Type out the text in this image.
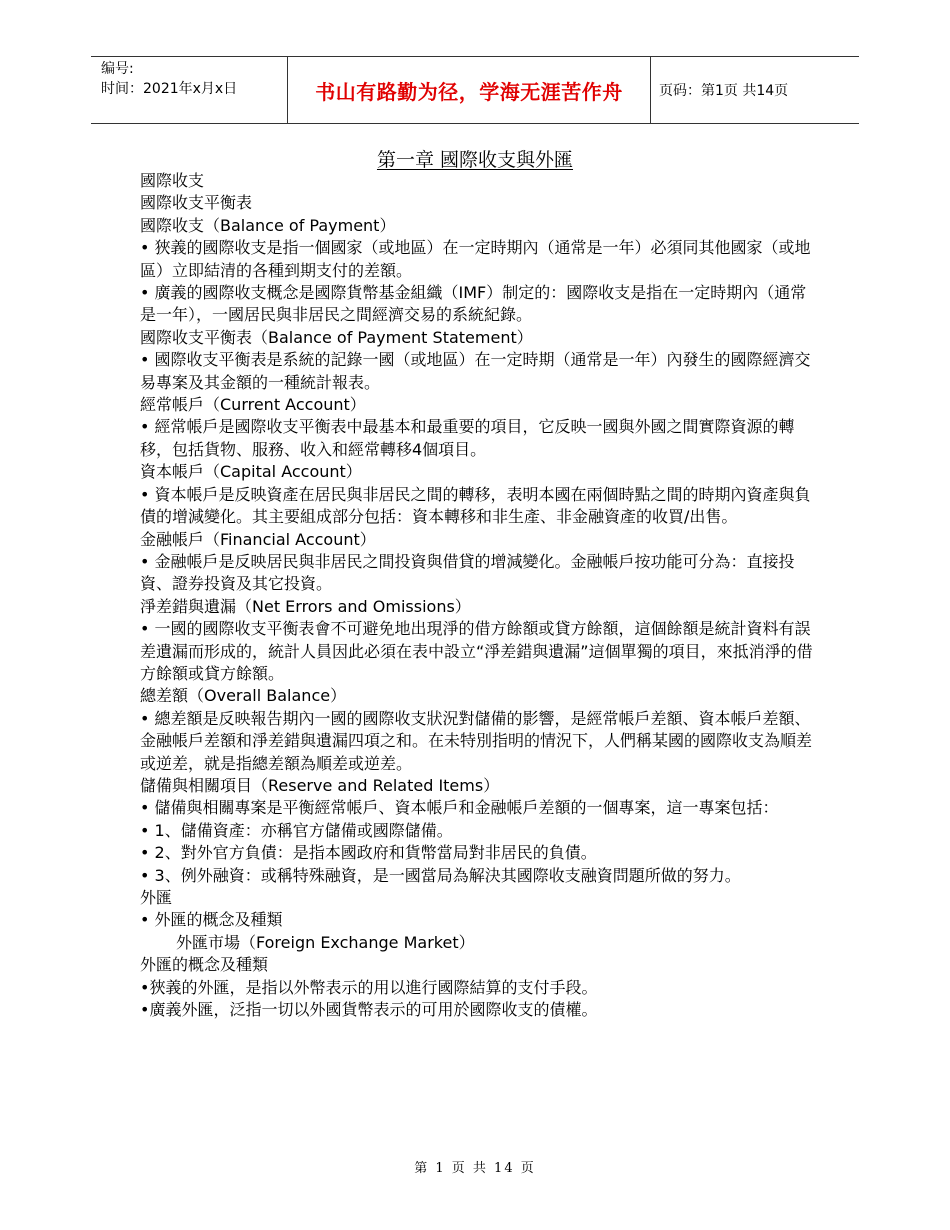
编号:
时间：2021年x月x日	书山有路勤为径，学海无涯苦作舟	页码：第1页 共14页
第一章 國際收支與外匯

國際收支

國際收支平衡表

國際收支（Balance of Payment）

• 狹義的國際收支是指一個國家（或地區）在一定時期內（通常是一年）必須同其他國家（或地區）立即結清的各種到期支付的差額。

• 廣義的國際收支概念是國際貨幣基金組織（IMF）制定的：國際收支是指在一定時期內（通常是一年），一國居民與非居民之間經濟交易的系統紀錄。

國際收支平衡表（Balance of Payment Statement）

• 國際收支平衡表是系統的記錄一國（或地區）在一定時期（通常是一年）內發生的國際經濟交易專案及其金額的一種統計報表。

經常帳戶（Current Account）

• 經常帳戶是國際收支平衡表中最基本和最重要的項目，它反映一國與外國之間實際資源的轉移，包括貨物、服務、收入和經常轉移4個項目。

資本帳戶（Capital Account）

• 資本帳戶是反映資產在居民與非居民之間的轉移，表明本國在兩個時點之間的時期內資產與負債的增減變化。其主要組成部分包括：資本轉移和非生產、非金融資產的收買/出售。

金融帳戶（Financial Account）

• 金融帳戶是反映居民與非居民之間投資與借貸的增減變化。金融帳戶按功能可分為：直接投資、證券投資及其它投資。

淨差錯與遺漏（Net Errors and Omissions）

• 一國的國際收支平衡表會不可避免地出現淨的借方餘額或貸方餘額，這個餘額是統計資料有誤差遺漏而形成的，統計人員因此必須在表中設立“淨差錯與遺漏”這個單獨的項目，來抵消淨的借方餘額或貸方餘額。

總差額（Overall Balance）

• 總差額是反映報告期內一國的國際收支狀況對儲備的影響，是經常帳戶差額、資本帳戶差額、金融帳戶差額和淨差錯與遺漏四項之和。在未特別指明的情況下，人們稱某國的國際收支為順差或逆差，就是指總差額為順差或逆差。

儲備與相關項目（Reserve and Related Items）

• 儲備與相關專案是平衡經常帳戶、資本帳戶和金融帳戶差額的一個專案，這一專案包括：

• 1、儲備資產：亦稱官方儲備或國際儲備。

• 2、對外官方負債：是指本國政府和貨幣當局對非居民的負債。

• 3、例外融資：或稱特殊融資，是一國當局為解決其國際收支融資問題所做的努力。

外匯

• 外匯的概念及種類

外匯市場（Foreign Exchange Market）

外匯的概念及種類

•狹義的外匯，是指以外幣表示的用以進行國際結算的支付手段。

•廣義外匯，泛指一切以外國貨幣表示的可用於國際收支的債權。

第 1 页 共 14 页
